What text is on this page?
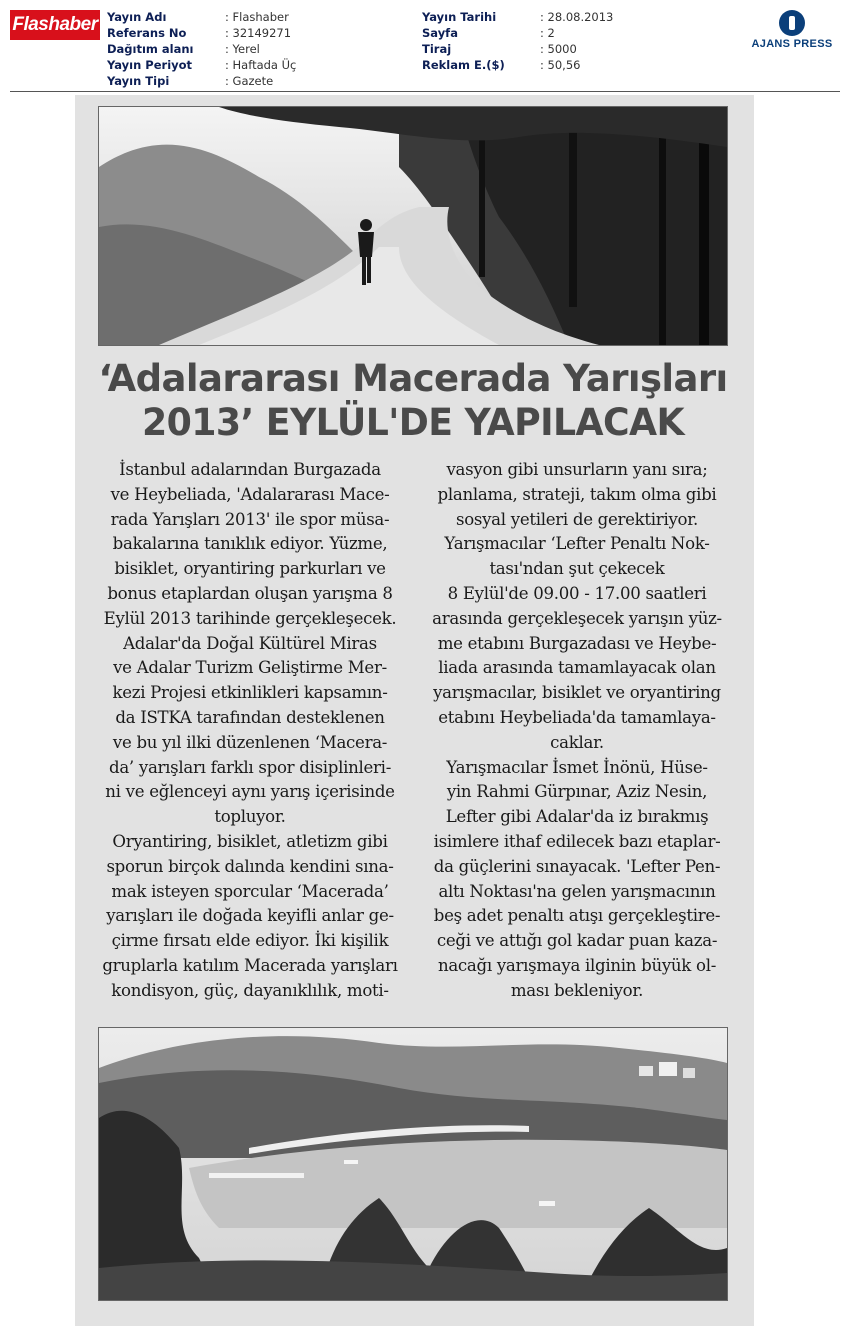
Flashaber Yayın Adı	: Flashaber
Referans No	: 32149271
Dağıtım alanı	: Yerel
Yayın Periyot	: Haftada Üç
Yayın Tipi	: Gazete
Yayın Tarihi	: 28.08.2013
Sayfa	: 2
Tiraj	: 5000
Reklam E.($)	: 50,56
AJANS PRESS
‘Adalararası Macerada Yarışları
2013’ EYLÜL'DE YAPILACAK
İstanbul adalarından Burgazada
ve Heybeliada, 'Adalararası Mace-
rada Yarışları 2013' ile spor müsa-
bakalarına tanıklık ediyor. Yüzme,
bisiklet, oryantiring parkurları ve
bonus etaplardan oluşan yarışma 8
Eylül 2013 tarihinde gerçekleşecek.
Adalar'da Doğal Kültürel Miras
ve Adalar Turizm Geliştirme Mer-
kezi Projesi etkinlikleri kapsamın-
da ISTKA tarafından desteklenen
ve bu yıl ilki düzenlenen ‘Macera-
da’ yarışları farklı spor disiplinleri-
ni ve eğlenceyi aynı yarış içerisinde
topluyor.
Oryantiring, bisiklet, atletizm gibi
sporun birçok dalında kendini sına-
mak isteyen sporcular ‘Macerada’
yarışları ile doğada keyifli anlar ge-
çirme fırsatı elde ediyor. İki kişilik
gruplarla katılım Macerada yarışları
kondisyon, güç, dayanıklılık, moti-
vasyon gibi unsurların yanı sıra;
planlama, strateji, takım olma gibi
sosyal yetileri de gerektiriyor.
Yarışmacılar ‘Lefter Penaltı Nok-
tası'ndan şut çekecek
8 Eylül'de 09.00 - 17.00 saatleri
arasında gerçekleşecek yarışın yüz-
me etabını Burgazadası ve Heybe-
liada arasında tamamlayacak olan
yarışmacılar, bisiklet ve oryantiring
etabını Heybeliada'da tamamlaya-
caklar.
Yarışmacılar İsmet İnönü, Hüse-
yin Rahmi Gürpınar, Aziz Nesin,
Lefter gibi Adalar'da iz bırakmış
isimlere ithaf edilecek bazı etaplar-
da güçlerini sınayacak. 'Lefter Pen-
altı Noktası'na gelen yarışmacının
beş adet penaltı atışı gerçekleştire-
ceği ve attığı gol kadar puan kaza-
nacağı yarışmaya ilginin büyük ol-
ması bekleniyor.
